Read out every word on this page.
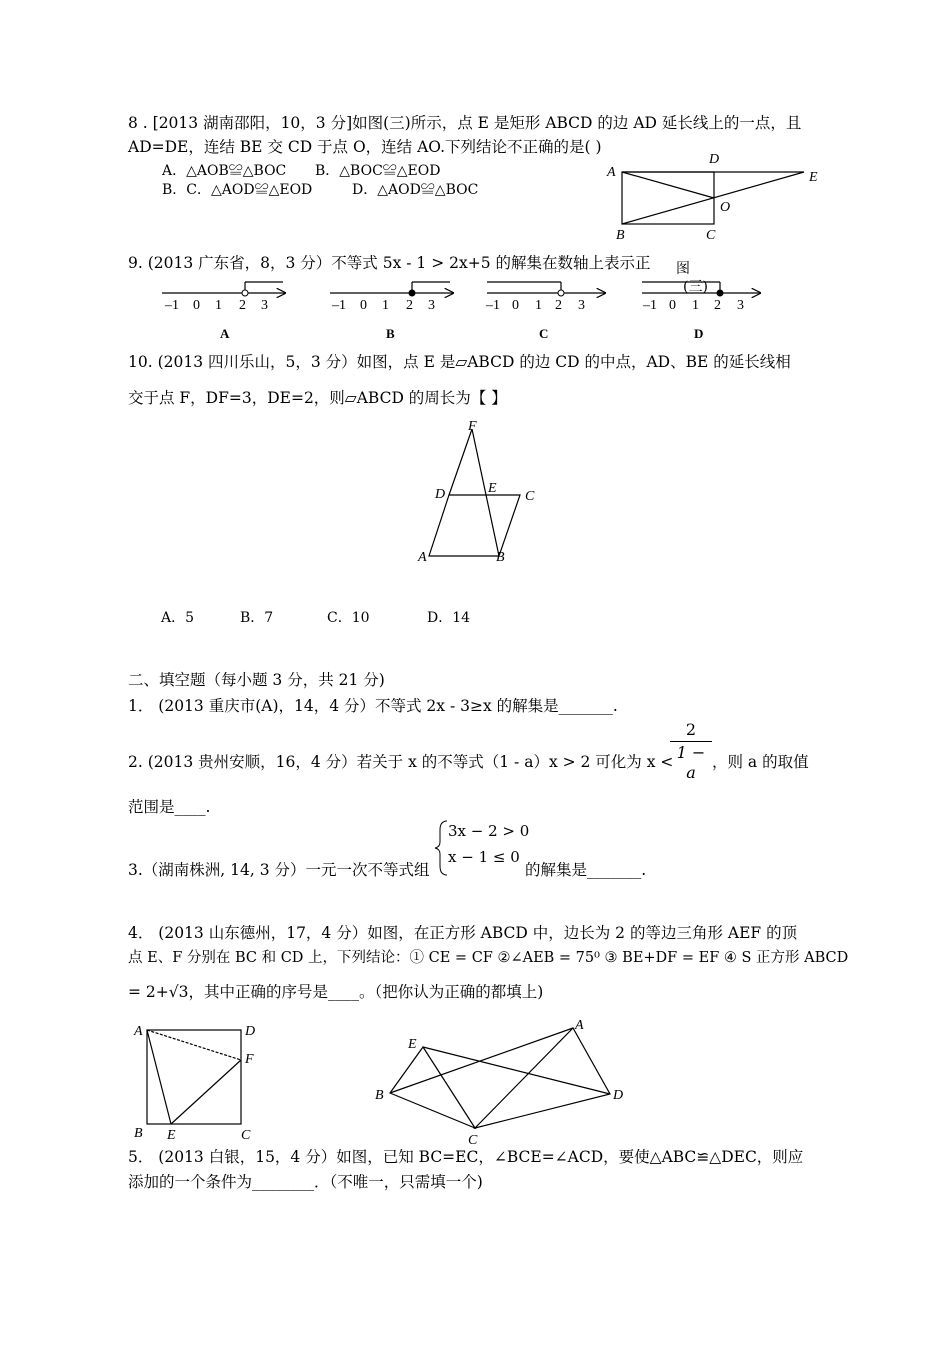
8 . [2013 湖南邵阳，10，3 分]如图(三)所示，点 E 是矩形 ABCD 的边 AD 延长线上的一点，且
AD=DE，连结 BE 交 CD 于点 O，连结 AO.下列结论不正确的是( )
A．△AOB≌△BOC B．△BOC≌△EOD
B．C．△AOD≌△EOD	D．△AOD≌△BOC
A
D
E
O
B	C
9. (2013 广东省，8，3 分）不等式 5x - 1 > 2x+5 的解集在数轴上表示正 图
(三)
–1 0 1 2 3	–1 0 1 2 3	–1 0 1 2 3	–1 0 1 2 3
A	B	C	D
10. (2013 四川乐山，5，3 分）如图，点 E 是▱ABCD 的边 CD 的中点，AD、BE 的延长线相
交于点 F，DF=3，DE=2，则▱ABCD 的周长为【 】
F
D	E
C
A	B
A．5	B．7	C．10	D．14
二、填空题（每小题 3 分，共 21 分)
1． (2013 重庆市(A)，14，4 分）不等式 2x - 3≥x 的解集是_______.
2
1 − a
2. (2013 贵州安顺，16，4 分）若关于 x 的不等式（1 - a）x > 2 可化为 x < ，则 a 的取值
范围是____.
3.（湖南株洲, 14, 3 分）一元一次不等式组
3x − 2 > 0
x − 1 ≤ 0
的解集是_______.
4． (2013 山东德州，17，4 分）如图，在正方形 ABCD 中，边长为 2 的等边三角形 AEF 的顶
点 E、F 分别在 BC 和 CD 上，下列结论：① CE = CF ②∠AEB = 75⁰ ③ BE+DF = EF ④ S 正方形 ABCD
= 2+√3，其中正确的序号是____。（把你认为正确的都填上)
A	D
F
B E	C
A
E
B	D
C
5． (2013 白银，15，4 分）如图，已知 BC=EC，∠BCE=∠ACD，要使△ABC≌△DEC，则应
添加的一个条件为________．（不唯一，只需填一个)
